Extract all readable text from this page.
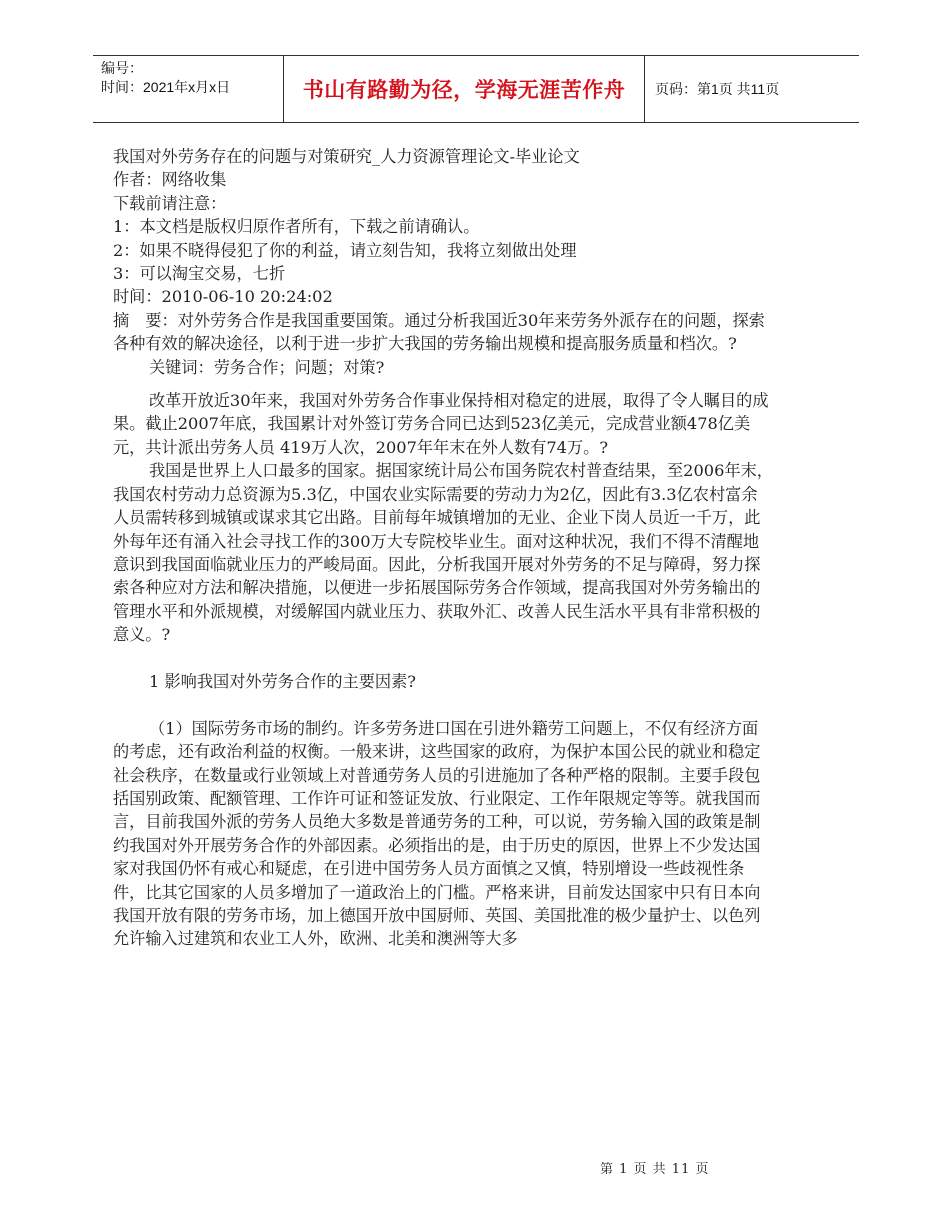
编号：
时间：2021年x月x日	书山有路勤为径，学海无涯苦作舟	页码：第1页 共11页

我国对外劳务存在的问题与对策研究_人力资源管理论文-毕业论文

作者：网络收集

下载前请注意：

1：本文档是版权归原作者所有，下载之前请确认。

2：如果不晓得侵犯了你的利益，请立刻告知，我将立刻做出处理

3：可以淘宝交易，七折

时间：2010-06-10 20:24:02

摘　要：对外劳务合作是我国重要国策。通过分析我国近30年来劳务外派存在的问题，探索各种有效的解决途径，以利于进一步扩大我国的劳务输出规模和提高服务质量和档次。?

关键词：劳务合作；问题；对策?

改革开放近30年来，我国对外劳务合作事业保持相对稳定的进展，取得了令人瞩目的成果。截止2007年底，我国累计对外签订劳务合同已达到523亿美元，完成营业额478亿美元，共计派出劳务人员 419万人次，2007年年末在外人数有74万。?

我国是世界上人口最多的国家。据国家统计局公布国务院农村普查结果，至2006年末，我国农村劳动力总资源为5.3亿，中国农业实际需要的劳动力为2亿，因此有3.3亿农村富余人员需转移到城镇或谋求其它出路。目前每年城镇增加的无业、企业下岗人员近一千万，此外每年还有涌入社会寻找工作的300万大专院校毕业生。面对这种状况，我们不得不清醒地意识到我国面临就业压力的严峻局面。因此，分析我国开展对外劳务的不足与障碍，努力探索各种应对方法和解决措施，以便进一步拓展国际劳务合作领域，提高我国对外劳务输出的管理水平和外派规模，对缓解国内就业压力、获取外汇、改善人民生活水平具有非常积极的意义。?

1 影响我国对外劳务合作的主要因素?

（1）国际劳务市场的制约。许多劳务进口国在引进外籍劳工问题上，不仅有经济方面的考虑，还有政治利益的权衡。一般来讲，这些国家的政府，为保护本国公民的就业和稳定社会秩序，在数量或行业领域上对普通劳务人员的引进施加了各种严格的限制。主要手段包括国别政策、配额管理、工作许可证和签证发放、行业限定、工作年限规定等等。就我国而言，目前我国外派的劳务人员绝大多数是普通劳务的工种，可以说，劳务输入国的政策是制约我国对外开展劳务合作的外部因素。必须指出的是，由于历史的原因，世界上不少发达国家对我国仍怀有戒心和疑虑，在引进中国劳务人员方面慎之又慎，特别增设一些歧视性条件，比其它国家的人员多增加了一道政治上的门槛。严格来讲，目前发达国家中只有日本向我国开放有限的劳务市场，加上德国开放中国厨师、英国、美国批准的极少量护士、以色列允许输入过建筑和农业工人外，欧洲、北美和澳洲等大多

第 1 页 共 11 页
